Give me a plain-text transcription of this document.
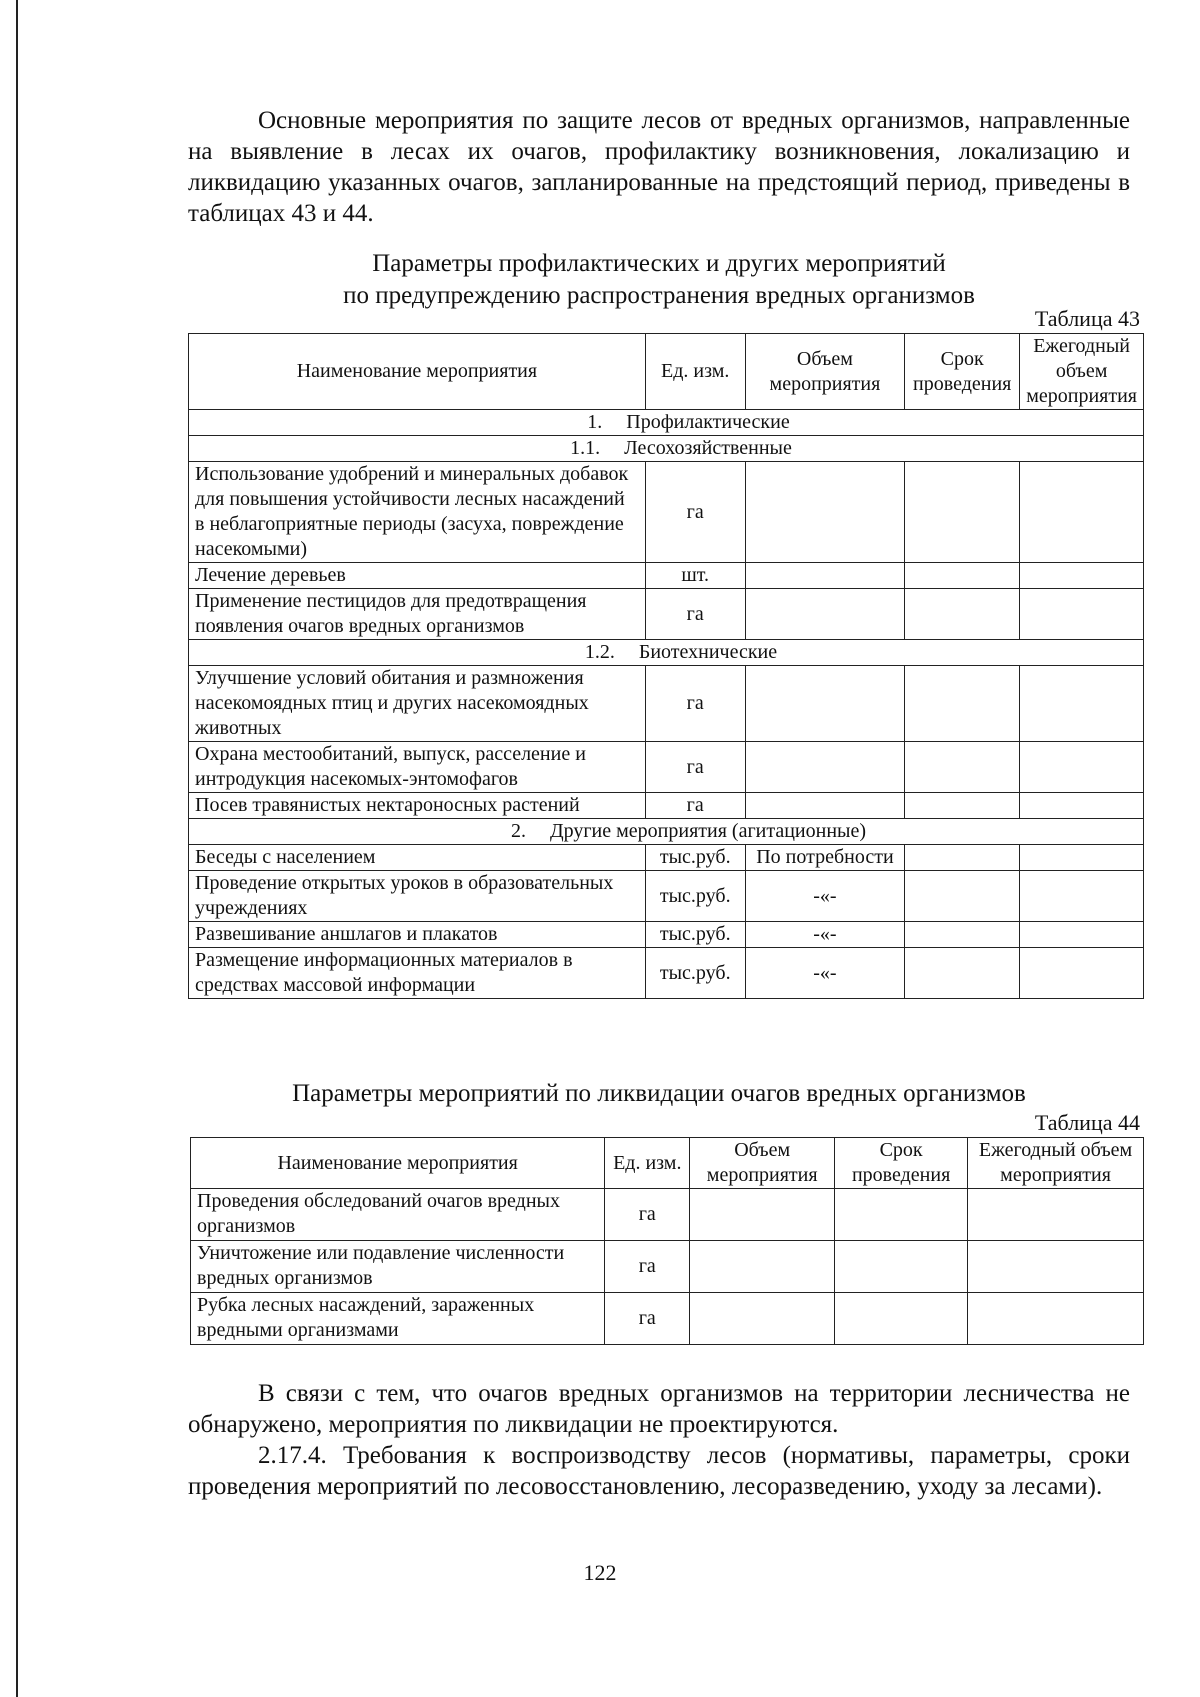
Основные мероприятия по защите лесов от вредных организмов, направленные на выявление в лесах их очагов, профилактику возникновения, локализацию и ликвидацию указанных очагов, запланированные на предстоящий период, приведены в таблицах 43 и 44.

Параметры профилактических и других мероприятий

по предупреждению распространения вредных организмов

Таблица 43
Наименование мероприятия	Ед. изм.	Объем мероприятия	Срок проведения	Ежегодный объем мероприятия
1. Профилактические				
1.1. Лесохозяйственные				
Использование удобрений и минеральных добавок для повышения устойчивости лесных насаждений в неблагоприятные периоды (засуха, повреждение насекомыми)	га			
Лечение деревьев	шт.			
Применение пестицидов для предотвращения появления очагов вредных организмов	га			
1.2. Биотехнические				
Улучшение условий обитания и размножения насекомоядных птиц и других насекомоядных животных	га			
Охрана местообитаний, выпуск, расселение и интродукция насекомых-энтомофагов	га			
Посев травянистых нектароносных растений	га			
2. Другие мероприятия (агитационные)				
Беседы с населением	тыс.руб.	По потребности		
Проведение открытых уроков в образовательных учреждениях	тыс.руб.	-«-		
Развешивание аншлагов и плакатов	тыс.руб.	-«-		
Размещение информационных материалов в средствах массовой информации	тыс.руб.	-«-		

Параметры мероприятий по ликвидации очагов вредных организмов

Таблица 44
Наименование мероприятия	Ед. изм.	Объем мероприятия	Срок проведения	Ежегодный объем мероприятия
Проведения обследований очагов вредных организмов	га			
Уничтожение или подавление численности вредных организмов	га			
Рубка лесных насаждений, зараженных вредными организмами	га			

В связи с тем, что очагов вредных организмов на территории лесничества не обнаружено, мероприятия по ликвидации не проектируются.

2.17.4. Требования к воспроизводству лесов (нормативы, параметры, сроки проведения мероприятий по лесовосстановлению, лесоразведению, уходу за лесами).

122
